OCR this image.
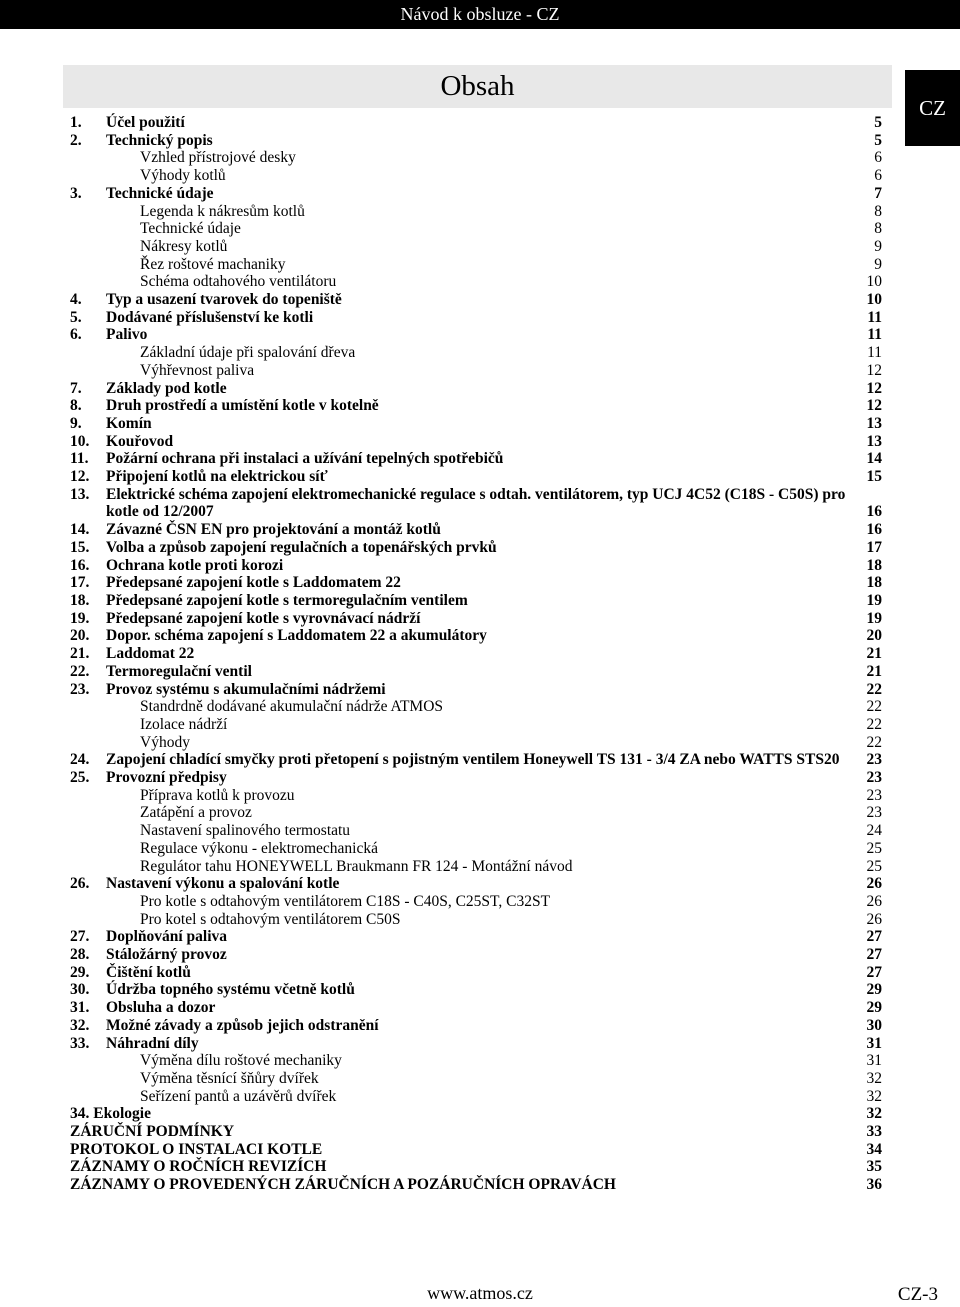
Návod k obsluze - CZ
Obsah
CZ
1.	Účel použití	5
2.	Technický popis	5
Vzhled přístrojové desky	6
Výhody kotlů	6
3.	Technické údaje	7
Legenda k nákresům kotlů	8
Technické údaje	8
Nákresy kotlů	9
Řez roštové machaniky	9
Schéma odtahového ventilátoru	10
4.	Typ a usazení tvarovek do topeniště	10
5.	Dodávané příslušenství ke kotli	11
6.	Palivo	11
Základní údaje při spalování dřeva	11
Výhřevnost paliva	12
7.	Základy pod kotle	12
8.	Druh prostředí a umístění kotle v kotelně	12
9.	Komín	13
10.	Kouřovod	13
11.	Požární ochrana při instalaci a užívání tepelných spotřebičů	14
12.	Připojení kotlů na elektrickou síť	15
13.	Elektrické schéma zapojení elektromechanické regulace s odtah. ventilátorem, typ UCJ 4C52 (C18S - C50S) pro kotle od 12/2007	16
14.	Závazné ČSN EN pro projektování a montáž kotlů	16
15.	Volba a způsob zapojení regulačních a topenářských prvků	17
16.	Ochrana kotle proti korozi	18
17.	Předepsané zapojení kotle s Laddomatem 22	18
18.	Předepsané zapojení kotle s termoregulačním ventilem	19
19.	Předepsané zapojení kotle s vyrovnávací nádrží	19
20.	Dopor. schéma zapojení s Laddomatem 22 a akumulátory	20
21.	Laddomat 22	21
22.	Termoregulační ventil	21
23.	Provoz systému s akumulačními nádržemi	22
Standrdně dodávané akumulační nádrže ATMOS	22
Izolace nádrží	22
Výhody	22
24.	Zapojení chladící smyčky proti přetopení s pojistným ventilem Honeywell TS 131 - 3/4 ZA nebo WATTS STS20	23
25.	Provozní předpisy	23
Příprava kotlů k provozu	23
Zatápění a provoz	23
Nastavení spalinového termostatu	24
Regulace výkonu - elektromechanická	25
Regulátor tahu HONEYWELL Braukmann FR 124 - Montážní návod	25
26.	Nastavení výkonu a spalování kotle	26
Pro kotle s odtahovým ventilátorem C18S - C40S, C25ST, C32ST	26
Pro kotel s odtahovým ventilátorem C50S	26
27.	Doplňování paliva	27
28.	Stáložárný provoz	27
29.	Čištění kotlů	27
30.	Údržba topného systému včetně kotlů	29
31.	Obsluha a dozor	29
32.	Možné závady a způsob jejich odstranění	30
33.	Náhradní díly	31
Výměna dílu roštové mechaniky	31
Výměna těsnící šňůry dvířek	32
Seřízení pantů a uzávěrů dvířek	32
34. Ekologie	32
ZÁRUČNÍ PODMÍNKY	33
PROTOKOL O INSTALACI KOTLE	34
ZÁZNAMY O ROČNÍCH REVIZÍCH	35
ZÁZNAMY O PROVEDENÝCH ZÁRUČNÍCH A POZÁRUČNÍCH OPRAVÁCH	36
www.atmos.cz	CZ-3
